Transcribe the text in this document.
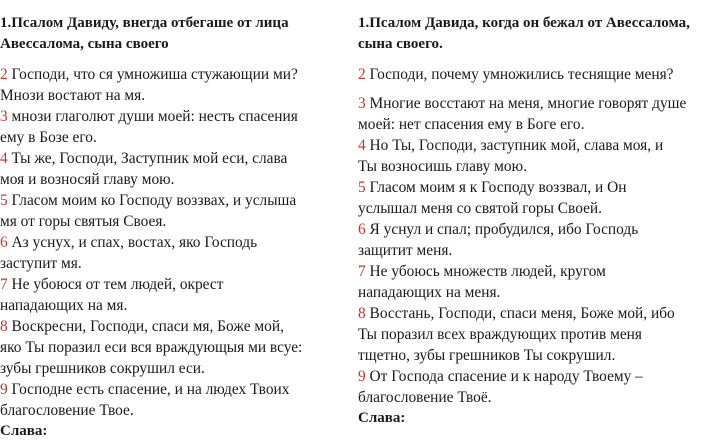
1.Псалом Давиду, внегда отбегаше от лица
Авессалома, сына своего

2 Господи, что ся умножиша стужающии ми?
Мнози востают на мя.

3 мнози глаголют души моей: несть спасения
ему в Бозе его.

4 Ты же, Господи, Заступник мой еси, слава
моя и возносяй главу мою.

5 Гласом моим ко Господу воззвах, и услыша
мя от горы святыя Своея.

6 Аз уснух, и спах, востах, яко Господь
заступит мя.

7 Не убоюся от тем людей, окрест
нападающих на мя.

8 Воскресни, Господи, спаси мя, Боже мой,
яко Ты поразил еси вся враждующыя ми всуе:
зубы грешников сокрушил еси.

9 Господне есть спасение, и на людех Твоих
благословение Твое.

Слава:

1.Псалом Давида, когда он бежал от Авессалома,
сына своего.

2 Господи, почему умножились теснящие меня?

3 Многие восстают на меня, многие говорят душе
моей: нет спасения ему в Боге его.

4 Но Ты, Господи, заступник мой, слава моя, и
Ты возносишь главу мою.

5 Гласом моим я к Господу воззвал, и Он
услышал меня со святой горы Своей.

6 Я уснул и спал; пробудился, ибо Господь
защитит меня.

7 Не убоюсь множеств людей, кругом
нападающих на меня.

8 Восстань, Господи, спаси меня, Боже мой, ибо
Ты поразил всех враждующих против меня
тщетно, зубы грешников Ты сокрушил.

9 От Господа спасение и к народу Твоему –
благословение Твоё.

Слава:
